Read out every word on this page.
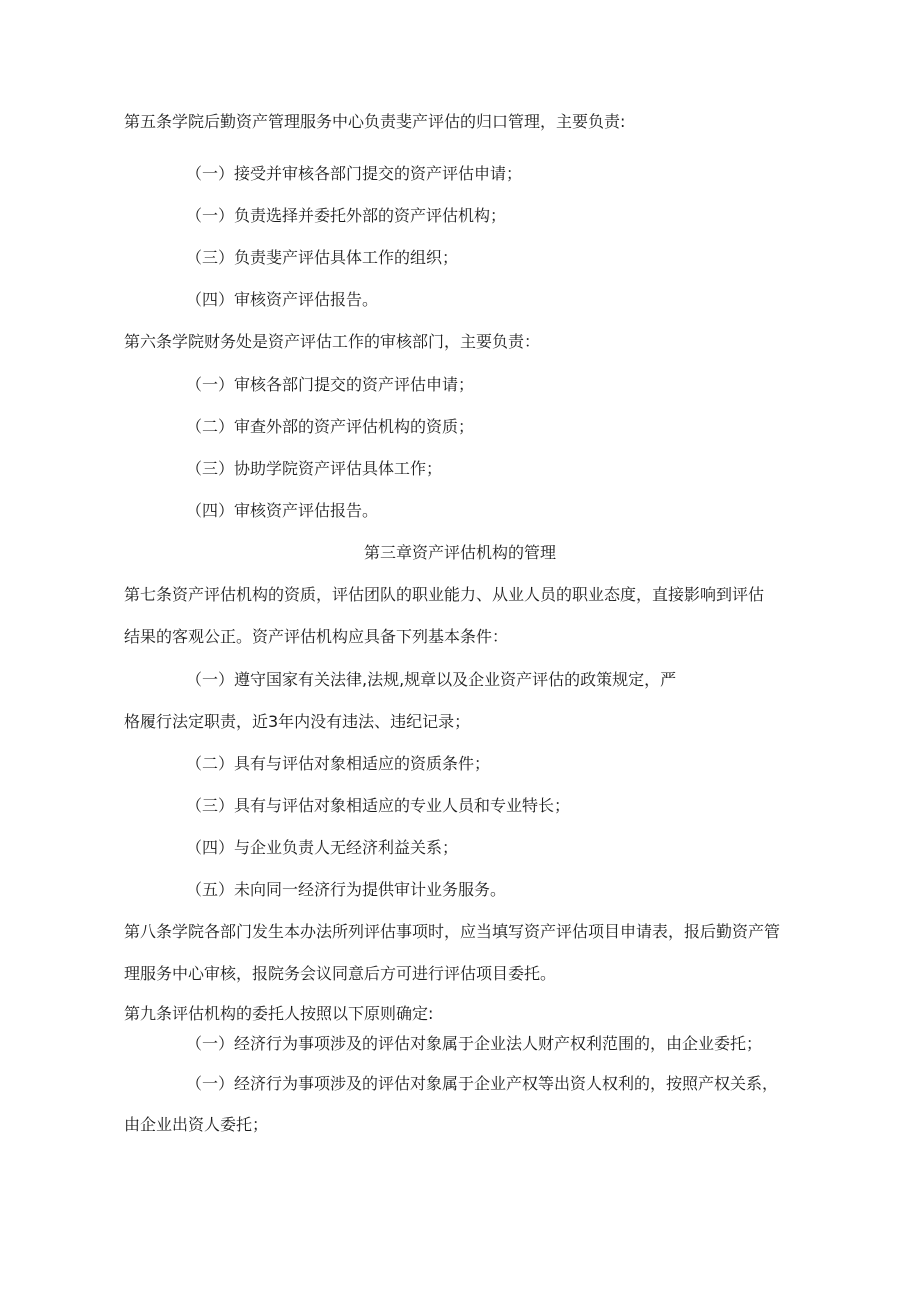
第五条学院后勤资产管理服务中心负责斐产评估的归口管理，主要负责:
（一）接受并审核各部门提交的资产评估申请；
（一）负责选择并委托外部的资产评估机构；
（三）负责斐产评估具体工作的组织；
（四）审核资产评估报告。
第六条学院财务处是资产评估工作的审核部门，主要负责：
（一）审核各部门提交的资产评估申请；
（二）审查外部的资产评估机构的资质；
（三）协助学院资产评估具体工作；
（四）审核资产评估报告。
第三章资产评估机构的管理
第七条资产评估机构的资质，评估团队的职业能力、从业人员的职业态度，直接影响到评估
结果的客观公正。资产评估机构应具备下列基本条件：
（一）遵守国家有关法律,法规,规章以及企业资产评估的政策规定，严
格履行法定职责，近3年内没有违法、违纪记录；
（二）具有与评估对象相适应的资质条件；
（三）具有与评估对象相适应的专业人员和专业特长；
（四）与企业负责人无经济利益关系；
（五）未向同一经济行为提供审计业务服务。
第八条学院各部门发生本办法所列评估事项时，应当填写资产评估项目申请表，报后勤资产管
理服务中心审核，报院务会议同意后方可进行评估项目委托。
第九条评估机构的委托人按照以下原则确定:
（一）经济行为事项涉及的评估对象属于企业法人财产权利范围的，由企业委托；
（一）经济行为事项涉及的评估对象属于企业产权等出资人权利的，按照产权关系，
由企业出资人委托；
